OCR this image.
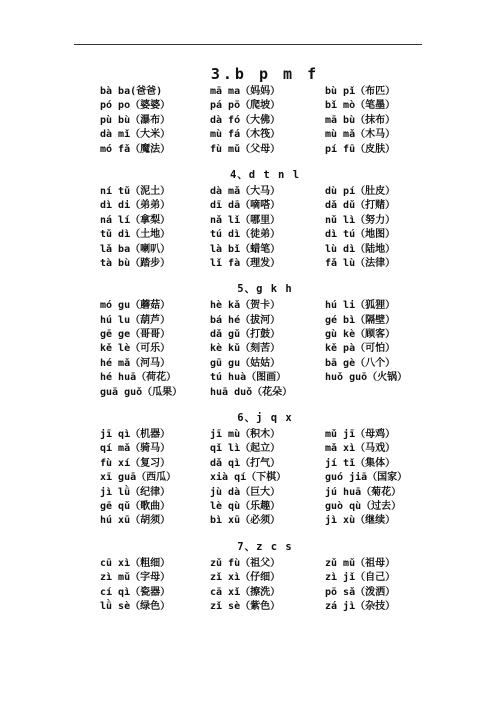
3.b p m f
bà ba(爸爸)	mā ma（妈妈）	bù pǐ（布匹）
pó po（婆婆）	pá pō（爬坡）	bǐ mò（笔墨）
pù bù（瀑布）	dà fó（大佛）	mā bù（抹布）
dà mǐ（大米）	mù fá（木筏）	mù mǎ（木马）
mó fǎ（魔法）	fù mǔ（父母）	pí fū（皮肤）
4、d t n l
ní tǔ（泥土）	dà mǎ（大马）	dù pí（肚皮）
dì di（弟弟）	dī dā（嘀嗒）	dǎ dǔ（打赌）
ná lí（拿梨）	nǎ lǐ（哪里）	nǔ lì（努力）
tǔ dì（土地）	tú dì（徒弟）	dì tú（地图）
lǎ ba（喇叭）	là bǐ（蜡笔）	lù dì（陆地）
tà bù（踏步）	lǐ fà（理发）	fǎ lù（法律）
5、g k h
mó gu（蘑菇）	hè kǎ（贺卡）	hú li（狐狸）
hú lu（葫芦）	bá hé（拔河）	gé bì（隔壁）
gē ge（哥哥）	dǎ gǔ（打鼓）	gù kè（顾客）
kě lè（可乐）	kè kǔ（刻苦）	kě pà（可怕）
hé mǎ（河马）	gū gu（姑姑）	bā gè（八个）
hé huā（荷花）	tú huà（图画）	huǒ guō（火锅）
guā guǒ（瓜果）	huā duǒ（花朵）
6、j q x
jī qì（机器）	jī mù（积木）	mǔ jī（母鸡）
qí mǎ（骑马）	qǐ lì（起立）	mǎ xì（马戏）
fù xí（复习）	dǎ qì（打气）	jí tǐ（集体）
xī guā（西瓜）	xià qí（下棋）	guó jiā（国家）
jì lǜ（纪律）	jù dà（巨大）	jú huā（菊花）
gē qǔ（歌曲）	lè qù（乐趣）	guò qù（过去）
hú xū（胡须）	bì xū（必须）	jì xù（继续）
7、z c s
cū xì（粗细）	zǔ fù（祖父）	zǔ mǔ（祖母）
zì mǔ（字母）	zǐ xì（仔细）	zì jǐ（自己）
cí qì（瓷器）	cā xǐ（擦洗）	pō sǎ（泼洒）
lǜ sè（绿色）	zǐ sè（紫色）	zá jì（杂技）
